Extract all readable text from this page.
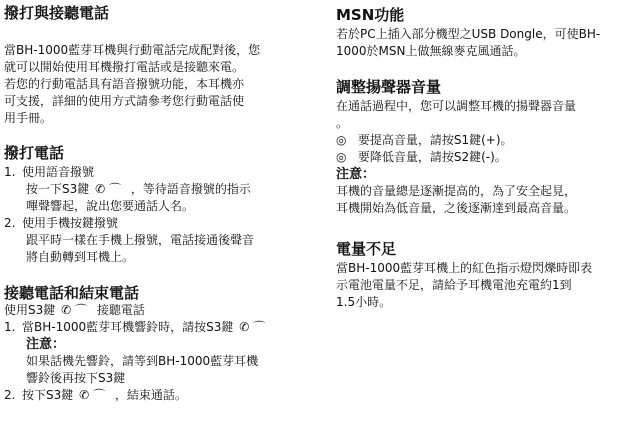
撥打與接聽電話
當BH-1000藍芽耳機與行動電話完成配對後，您
就可以開始使用耳機撥打電話或是接聽來電。
若您的行動電話具有語音撥號功能，本耳機亦
可支援，詳細的使用方式請參考您行動電話使
用手冊。
撥打電話
1. 使用語音撥號
按一下S3鍵 ✆⌒ ，等待語音撥號的指示
嗶聲響起，說出您要通話人名。
2. 使用手機按鍵撥號
跟平時一樣在手機上撥號，電話接通後聲音
將自動轉到耳機上。
接聽電話和結束電話
使用S3鍵 ✆⌒ 接聽電話
1. 當BH-1000藍芽耳機響鈴時，請按S3鍵 ✆⌒
注意：
如果話機先響鈴，請等到BH-1000藍芽耳機
響鈴後再按下S3鍵
2. 按下S3鍵 ✆⌒ ，結束通話。
MSN功能
若於PC上插入部分機型之USB Dongle，可使BH-
1000於MSN上做無線麥克風通話。
調整揚聲器音量
在通話過程中，您可以調整耳機的揚聲器音量
。
◎ 要提高音量，請按S1鍵(+)。
◎ 要降低音量，請按S2鍵(-)。
注意：
耳機的音量總是逐漸提高的，為了安全起見，
耳機開始為低音量，之後逐漸達到最高音量。
電量不足
當BH-1000藍芽耳機上的紅色指示燈閃爍時即表
示電池電量不足，請給予耳機電池充電約1到
1.5小時。
